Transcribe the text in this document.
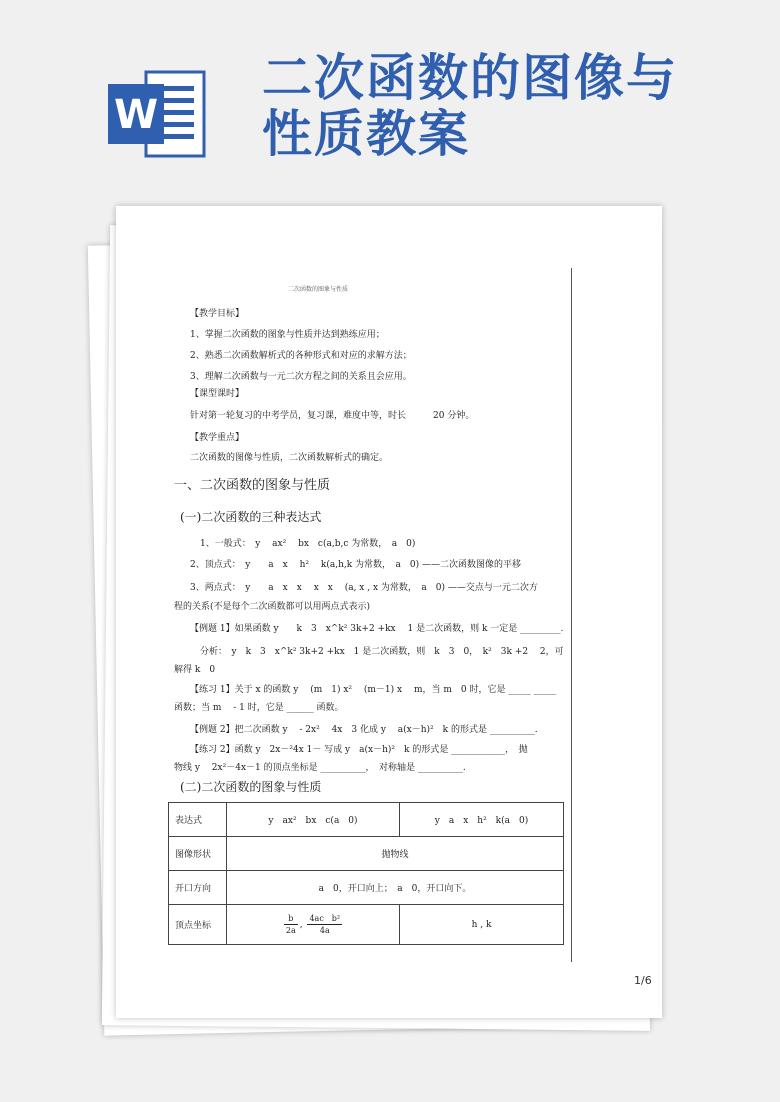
W
二次函数的图像与
性质教案
二次函数的图象与性质
【教学目标】
1、掌握二次函数的图象与性质并达到熟练应用；
2、熟悉二次函数解析式的各种形式和对应的求解方法；
3、理解二次函数与一元二次方程之间的关系且会应用。
【课型课时】
针对第一轮复习的中考学员，复习课，难度中等，时长　　　20 分钟。
【教学重点】
二次函数的图像与性质，二次函数解析式的确定。
一、二次函数的图象与性质
(一)二次函数的三种表达式
1、一般式：　y　 ax²　 bx　c(a,b,c 为常数，　a　0)
2、顶点式：　y　　a　x　 h²　 k(a,h,k 为常数，　a　0) ——二次函数图像的平移
3、两点式：　y　　a　x　x　 x　x　 (a, x , x 为常数，　a　0) ——交点与一元二次方
程的关系(不是每个二次函数都可以用两点式表示)
【例题 1】如果函数 y　　k　3　x^k² 3k+2 +kx　 1 是二次函数，则 k 一定是 _________.
分析：　y　k　3　x^k² 3k+2 +kx　1 是二次函数，则　k　3　0，　k²　3k +2　 2，可
解得 k　0
【练习 1】关于 x 的函数 y　 (m　1) x²　 (m－1) x　 m，当 m　0 时，它是 _____ _____
函数；当 m　 - 1 时，它是 ______ 函数。
【例题 2】把二次函数 y　 - 2x²　 4x　3 化成 y　 a(x－h)²　k 的形式是 __________.
【练习 2】函数 y　2x－²4x 1－ 写成 y　a(x－h)²　k 的形式是 ____________，　抛
物线 y　 2x²－4x－1 的顶点坐标是 __________，　对称轴是 __________.
(二)二次函数的图象与性质
表达式	y　ax²　bx　c(a　0)	y　a　x　h²　k(a　0)
图像形状	抛物线	
开口方向	a　0，开口向上；　a　0，开口向下。	
顶点坐标	$\frac{b}{2a}$ , $\frac{\text{4ac　b²}}{4a}$	h , k
1/6
